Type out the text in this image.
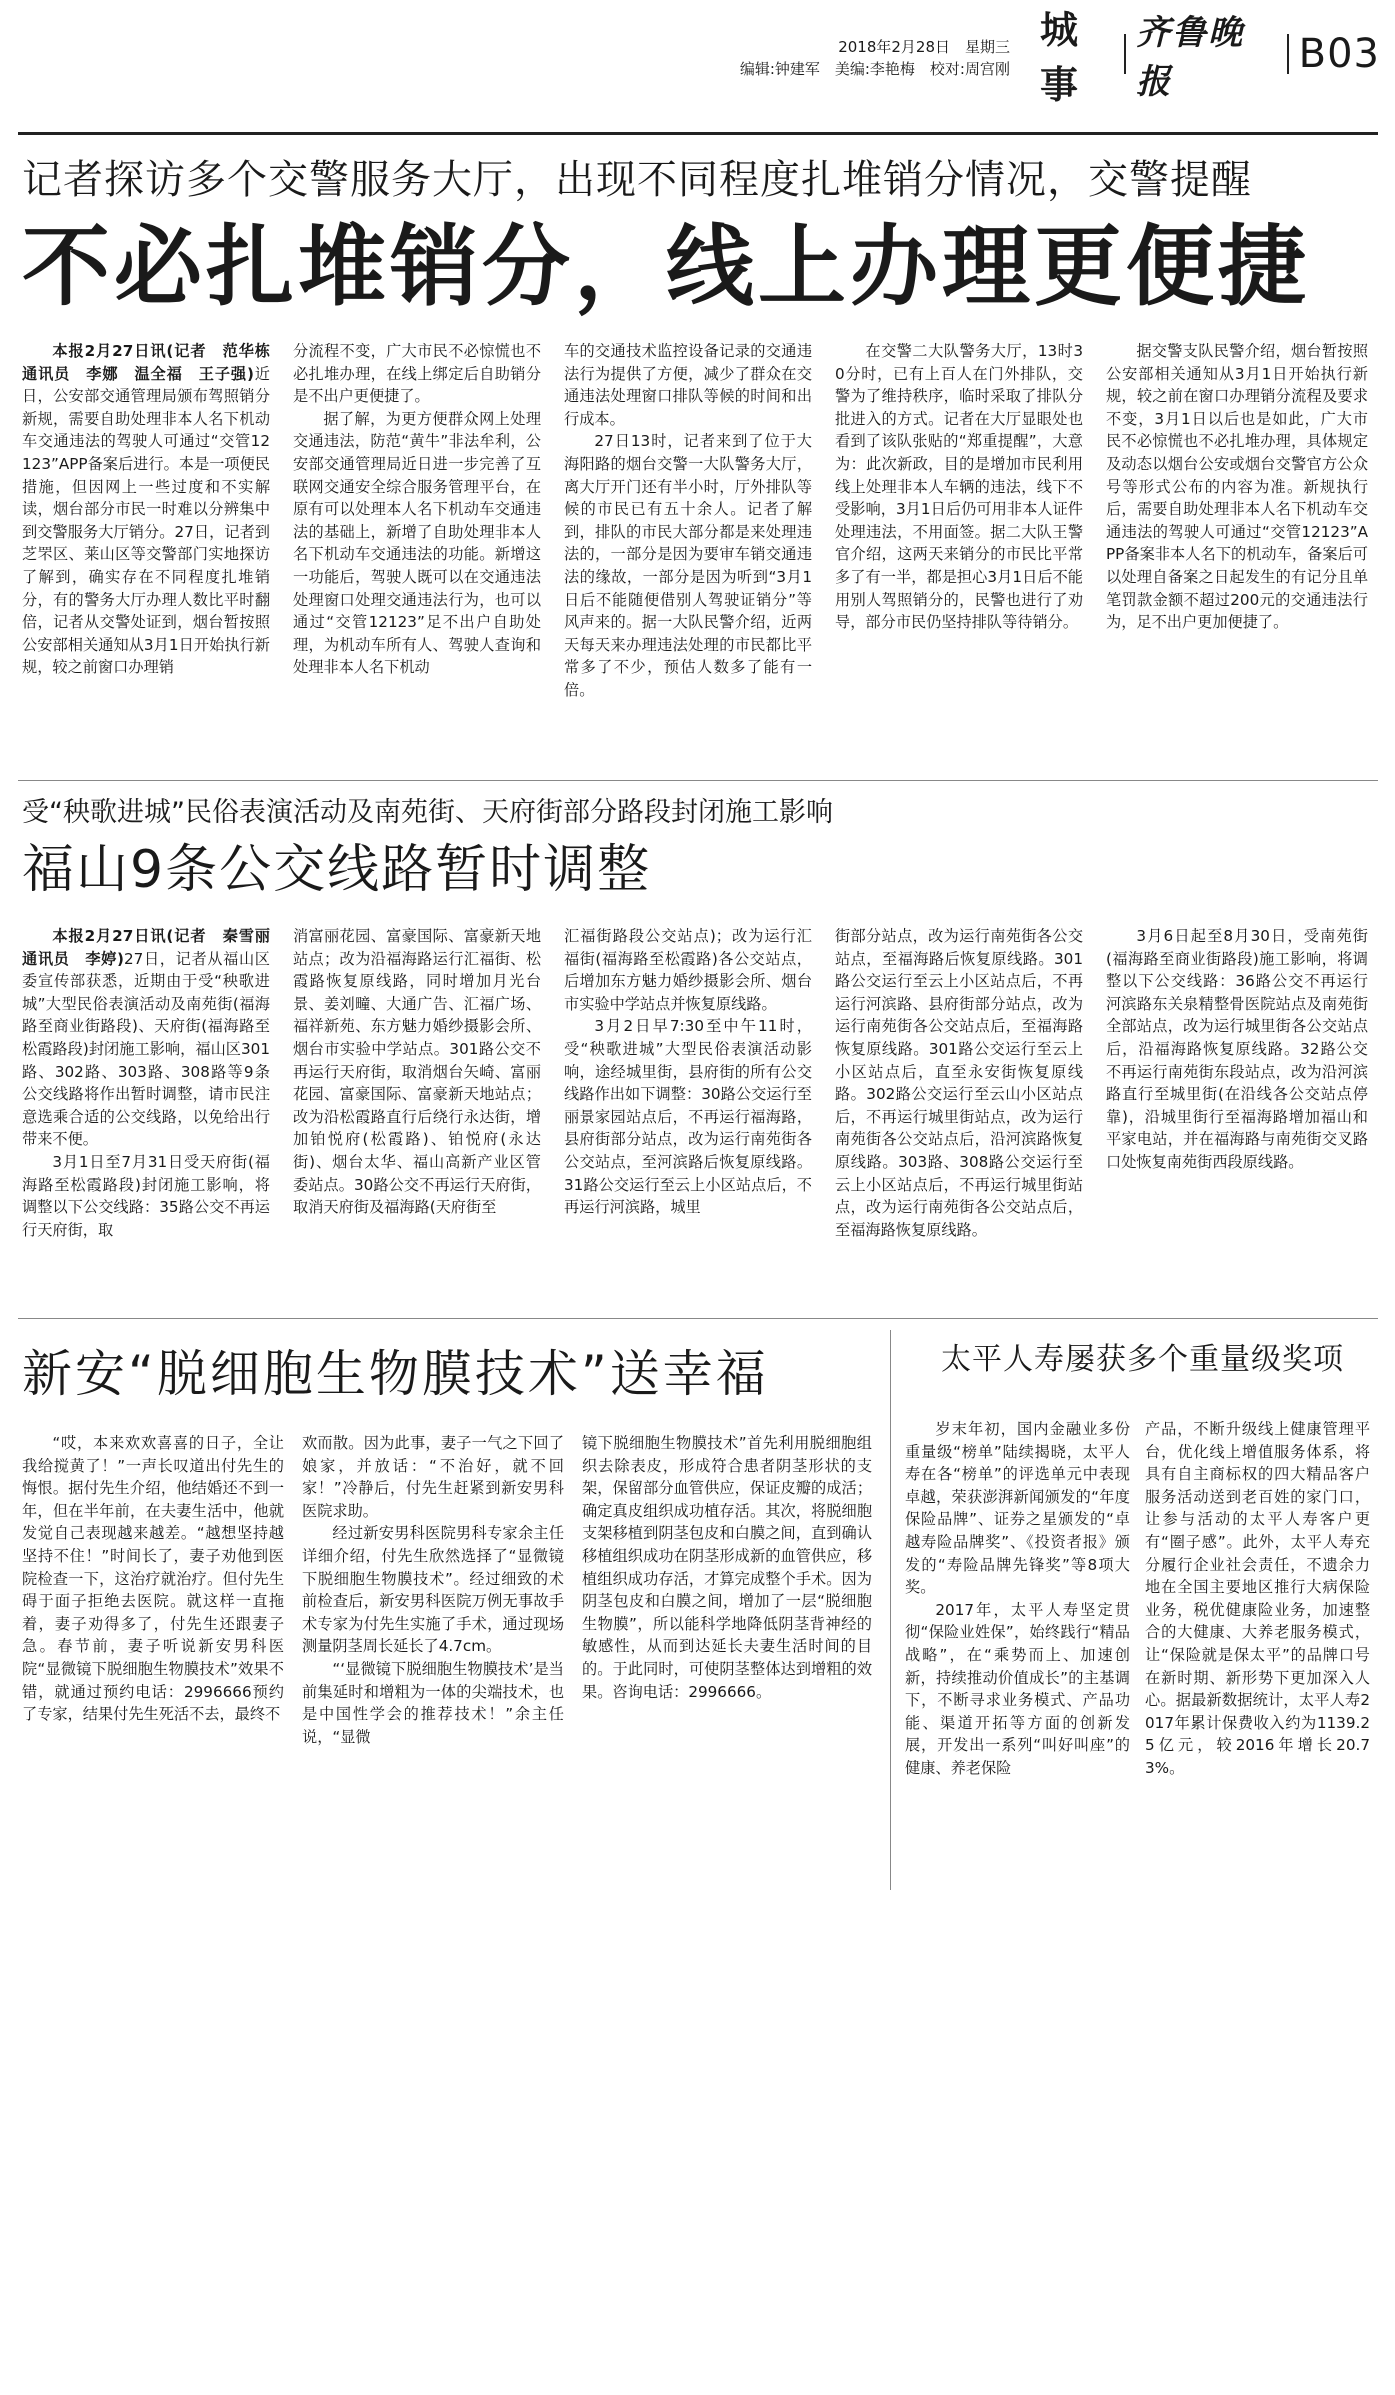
2018年2月28日　星期三
编辑:钟建军　美编:李艳梅　校对:周宫刚
城事
齐鲁晚报
B03
记者探访多个交警服务大厅，出现不同程度扎堆销分情况，交警提醒
不必扎堆销分，线上办理更便捷

本报2月27日讯(记者　范华栋　通讯员　李娜　温全福　王子强)近日，公安部交通管理局颁布驾照销分新规，需要自助处理非本人名下机动车交通违法的驾驶人可通过“交管12123”APP备案后进行。本是一项便民措施，但因网上一些过度和不实解读，烟台部分市民一时难以分辨集中到交警服务大厅销分。27日，记者到芝罘区、莱山区等交警部门实地探访了解到，确实存在不同程度扎堆销分，有的警务大厅办理人数比平时翻倍，记者从交警处证到，烟台暂按照公安部相关通知从3月1日开始执行新规，较之前窗口办理销

分流程不变，广大市民不必惊慌也不必扎堆办理，在线上绑定后自助销分是不出户更便捷了。

据了解，为更方便群众网上处理交通违法，防范“黄牛”非法牟利，公安部交通管理局近日进一步完善了互联网交通安全综合服务管理平台，在原有可以处理本人名下机动车交通违法的基础上，新增了自助处理非本人名下机动车交通违法的功能。新增这一功能后，驾驶人既可以在交通违法处理窗口处理交通违法行为，也可以通过“交管12123”足不出户自助处理，为机动车所有人、驾驶人查询和处理非本人名下机动

车的交通技术监控设备记录的交通违法行为提供了方便，减少了群众在交通违法处理窗口排队等候的时间和出行成本。

27日13时，记者来到了位于大海阳路的烟台交警一大队警务大厅，离大厅开门还有半小时，厅外排队等候的市民已有五十余人。记者了解到，排队的市民大部分都是来处理违法的，一部分是因为要审车销交通违法的缘故，一部分是因为听到“3月1日后不能随便借别人驾驶证销分”等风声来的。据一大队民警介绍，近两天每天来办理违法处理的市民都比平常多了不少，预估人数多了能有一倍。

在交警二大队警务大厅，13时30分时，已有上百人在门外排队，交警为了维持秩序，临时采取了排队分批进入的方式。记者在大厅显眼处也看到了该队张贴的“郑重提醒”，大意为：此次新政，目的是增加市民利用线上处理非本人车辆的违法，线下不受影响，3月1日后仍可用非本人证件处理违法，不用面签。据二大队王警官介绍，这两天来销分的市民比平常多了有一半，都是担心3月1日后不能用别人驾照销分的，民警也进行了劝导，部分市民仍坚持排队等待销分。

据交警支队民警介绍，烟台暂按照公安部相关通知从3月1日开始执行新规，较之前在窗口办理销分流程及要求不变，3月1日以后也是如此，广大市民不必惊慌也不必扎堆办理，具体规定及动态以烟台公安或烟台交警官方公众号等形式公布的内容为准。新规执行后，需要自助处理非本人名下机动车交通违法的驾驶人可通过“交管12123”APP备案非本人名下的机动车，备案后可以处理自备案之日起发生的有记分且单笔罚款金额不超过200元的交通违法行为，足不出户更加便捷了。

受“秧歌进城”民俗表演活动及南苑街、天府街部分路段封闭施工影响
福山9条公交线路暂时调整

本报2月27日讯(记者　秦雪丽　通讯员　李婷)27日，记者从福山区委宣传部获悉，近期由于受“秧歌进城”大型民俗表演活动及南苑街(福海路至商业街路段)、天府街(福海路至松霞路段)封闭施工影响，福山区301路、302路、303路、308路等9条公交线路将作出暂时调整，请市民注意选乘合适的公交线路，以免给出行带来不便。

3月1日至7月31日受天府街(福海路至松霞路段)封闭施工影响，将调整以下公交线路：35路公交不再运行天府街，取

消富丽花园、富豪国际、富豪新天地站点；改为沿福海路运行汇福街、松霞路恢复原线路，同时增加月光台景、姜刘疃、大通广告、汇福广场、福祥新苑、东方魅力婚纱摄影会所、烟台市实验中学站点。301路公交不再运行天府街，取消烟台矢崎、富丽花园、富豪国际、富豪新天地站点；改为沿松霞路直行后绕行永达街，增加铂悦府(松霞路)、铂悦府(永达街)、烟台太华、福山高新产业区管委站点。30路公交不再运行天府街，取消天府街及福海路(天府街至

汇福街路段公交站点)；改为运行汇福街(福海路至松霞路)各公交站点，后增加东方魅力婚纱摄影会所、烟台市实验中学站点并恢复原线路。

3月2日早7:30至中午11时，受“秧歌进城”大型民俗表演活动影响，途经城里街，县府街的所有公交线路作出如下调整：30路公交运行至丽景家园站点后，不再运行福海路，县府街部分站点，改为运行南苑街各公交站点，至河滨路后恢复原线路。31路公交运行至云上小区站点后，不再运行河滨路，城里

街部分站点，改为运行南苑街各公交站点，至福海路后恢复原线路。301路公交运行至云上小区站点后，不再运行河滨路、县府街部分站点，改为运行南苑街各公交站点后，至福海路恢复原线路。301路公交运行至云上小区站点后，直至永安街恢复原线路。302路公交运行至云山小区站点后，不再运行城里街站点，改为运行南苑街各公交站点后，沿河滨路恢复原线路。303路、308路公交运行至云上小区站点后，不再运行城里街站点，改为运行南苑街各公交站点后，至福海路恢复原线路。

3月6日起至8月30日，受南苑街(福海路至商业街路段)施工影响，将调整以下公交线路：36路公交不再运行河滨路东关泉精整骨医院站点及南苑街全部站点，改为运行城里街各公交站点后，沿福海路恢复原线路。32路公交不再运行南苑街东段站点，改为沿河滨路直行至城里街(在沿线各公交站点停靠)，沿城里街行至福海路增加福山和平家电站，并在福海路与南苑街交叉路口处恢复南苑街西段原线路。

新安“脱细胞生物膜技术”送幸福

“哎，本来欢欢喜喜的日子，全让我给搅黄了！”一声长叹道出付先生的悔恨。据付先生介绍，他结婚还不到一年，但在半年前，在夫妻生活中，他就发觉自己表现越来越差。“越想坚持越坚持不住！”时间长了，妻子劝他到医院检查一下，这治疗就治疗。但付先生碍于面子拒绝去医院。就这样一直拖着，妻子劝得多了，付先生还跟妻子急。春节前，妻子听说新安男科医院“显微镜下脱细胞生物膜技术”效果不错，就通过预约电话：2996666预约了专家，结果付先生死活不去，最终不

欢而散。因为此事，妻子一气之下回了娘家，并放话：“不治好，就不回家！”冷静后，付先生赶紧到新安男科医院求助。

经过新安男科医院男科专家余主任详细介绍，付先生欣然选择了“显微镜下脱细胞生物膜技术”。经过细致的术前检查后，新安男科医院万例无事故手术专家为付先生实施了手术，通过现场测量阴茎周长延长了4.7cm。

“‘显微镜下脱细胞生物膜技术’是当前集延时和增粗为一体的尖端技术，也是中国性学会的推荐技术！”余主任说，“显微

镜下脱细胞生物膜技术”首先利用脱细胞组织去除表皮，形成符合患者阴茎形状的支架，保留部分血管供应，保证皮瓣的成活；确定真皮组织成功植存活。其次，将脱细胞支架移植到阴茎包皮和白膜之间，直到确认移植组织成功在阴茎形成新的血管供应，移植组织成功存活，才算完成整个手术。因为阴茎包皮和白膜之间，增加了一层“脱细胞生物膜”，所以能科学地降低阴茎背神经的敏感性，从而到达延长夫妻生活时间的目的。于此同时，可使阴茎整体达到增粗的效果。咨询电话：2996666。

太平人寿屡获多个重量级奖项

岁末年初，国内金融业多份重量级“榜单”陆续揭晓，太平人寿在各“榜单”的评选单元中表现卓越，荣获澎湃新闻颁发的“年度保险品牌”、证券之星颁发的“卓越寿险品牌奖”、《投资者报》颁发的“寿险品牌先锋奖”等8项大奖。

2017年，太平人寿坚定贯彻“保险业姓保”，始终践行“精品战略”，在“乘势而上、加速创新，持续推动价值成长”的主基调下，不断寻求业务模式、产品功能、渠道开拓等方面的创新发展，开发出一系列“叫好叫座”的健康、养老保险

产品，不断升级线上健康管理平台，优化线上增值服务体系，将具有自主商标权的四大精品客户服务活动送到老百姓的家门口，让参与活动的太平人寿客户更有“圈子感”。此外，太平人寿充分履行企业社会责任，不遗余力地在全国主要地区推行大病保险业务，税优健康险业务，加速整合的大健康、大养老服务模式，让“保险就是保太平”的品牌口号在新时期、新形势下更加深入人心。据最新数据统计，太平人寿2017年累计保费收入约为1139.25亿元，较2016年增长20.73%。
